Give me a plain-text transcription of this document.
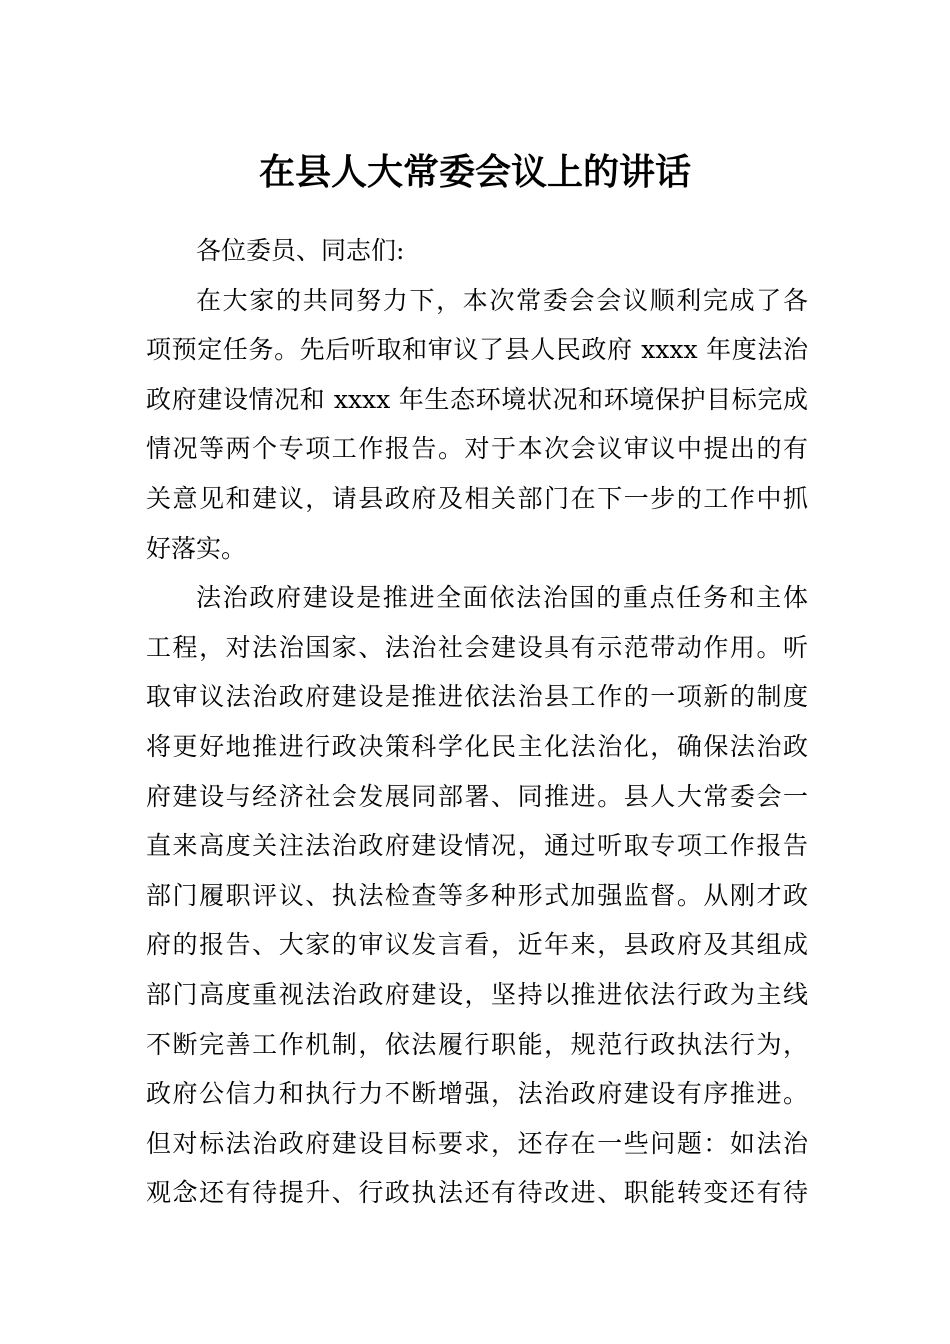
在县人大常委会议上的讲话
各位委员、同志们:
在大家的共同努力下，本次常委会会议顺利完成了各
项预定任务。先后听取和审议了县人民政府 xxxx 年度法治
政府建设情况和 xxxx 年生态环境状况和环境保护目标完成
情况等两个专项工作报告。对于本次会议审议中提出的有
关意见和建议，请县政府及相关部门在下一步的工作中抓
好落实。
法治政府建设是推进全面依法治国的重点任务和主体
工程，对法治国家、法治社会建设具有示范带动作用。听
取审议法治政府建设是推进依法治县工作的一项新的制度
将更好地推进行政决策科学化民主化法治化，确保法治政
府建设与经济社会发展同部署、同推进。县人大常委会一
直来高度关注法治政府建设情况，通过听取专项工作报告
部门履职评议、执法检查等多种形式加强监督。从刚才政
府的报告、大家的审议发言看，近年来，县政府及其组成
部门高度重视法治政府建设，坚持以推进依法行政为主线
不断完善工作机制，依法履行职能，规范行政执法行为，
政府公信力和执行力不断增强，法治政府建设有序推进。
但对标法治政府建设目标要求，还存在一些问题：如法治
观念还有待提升、行政执法还有待改进、职能转变还有待
